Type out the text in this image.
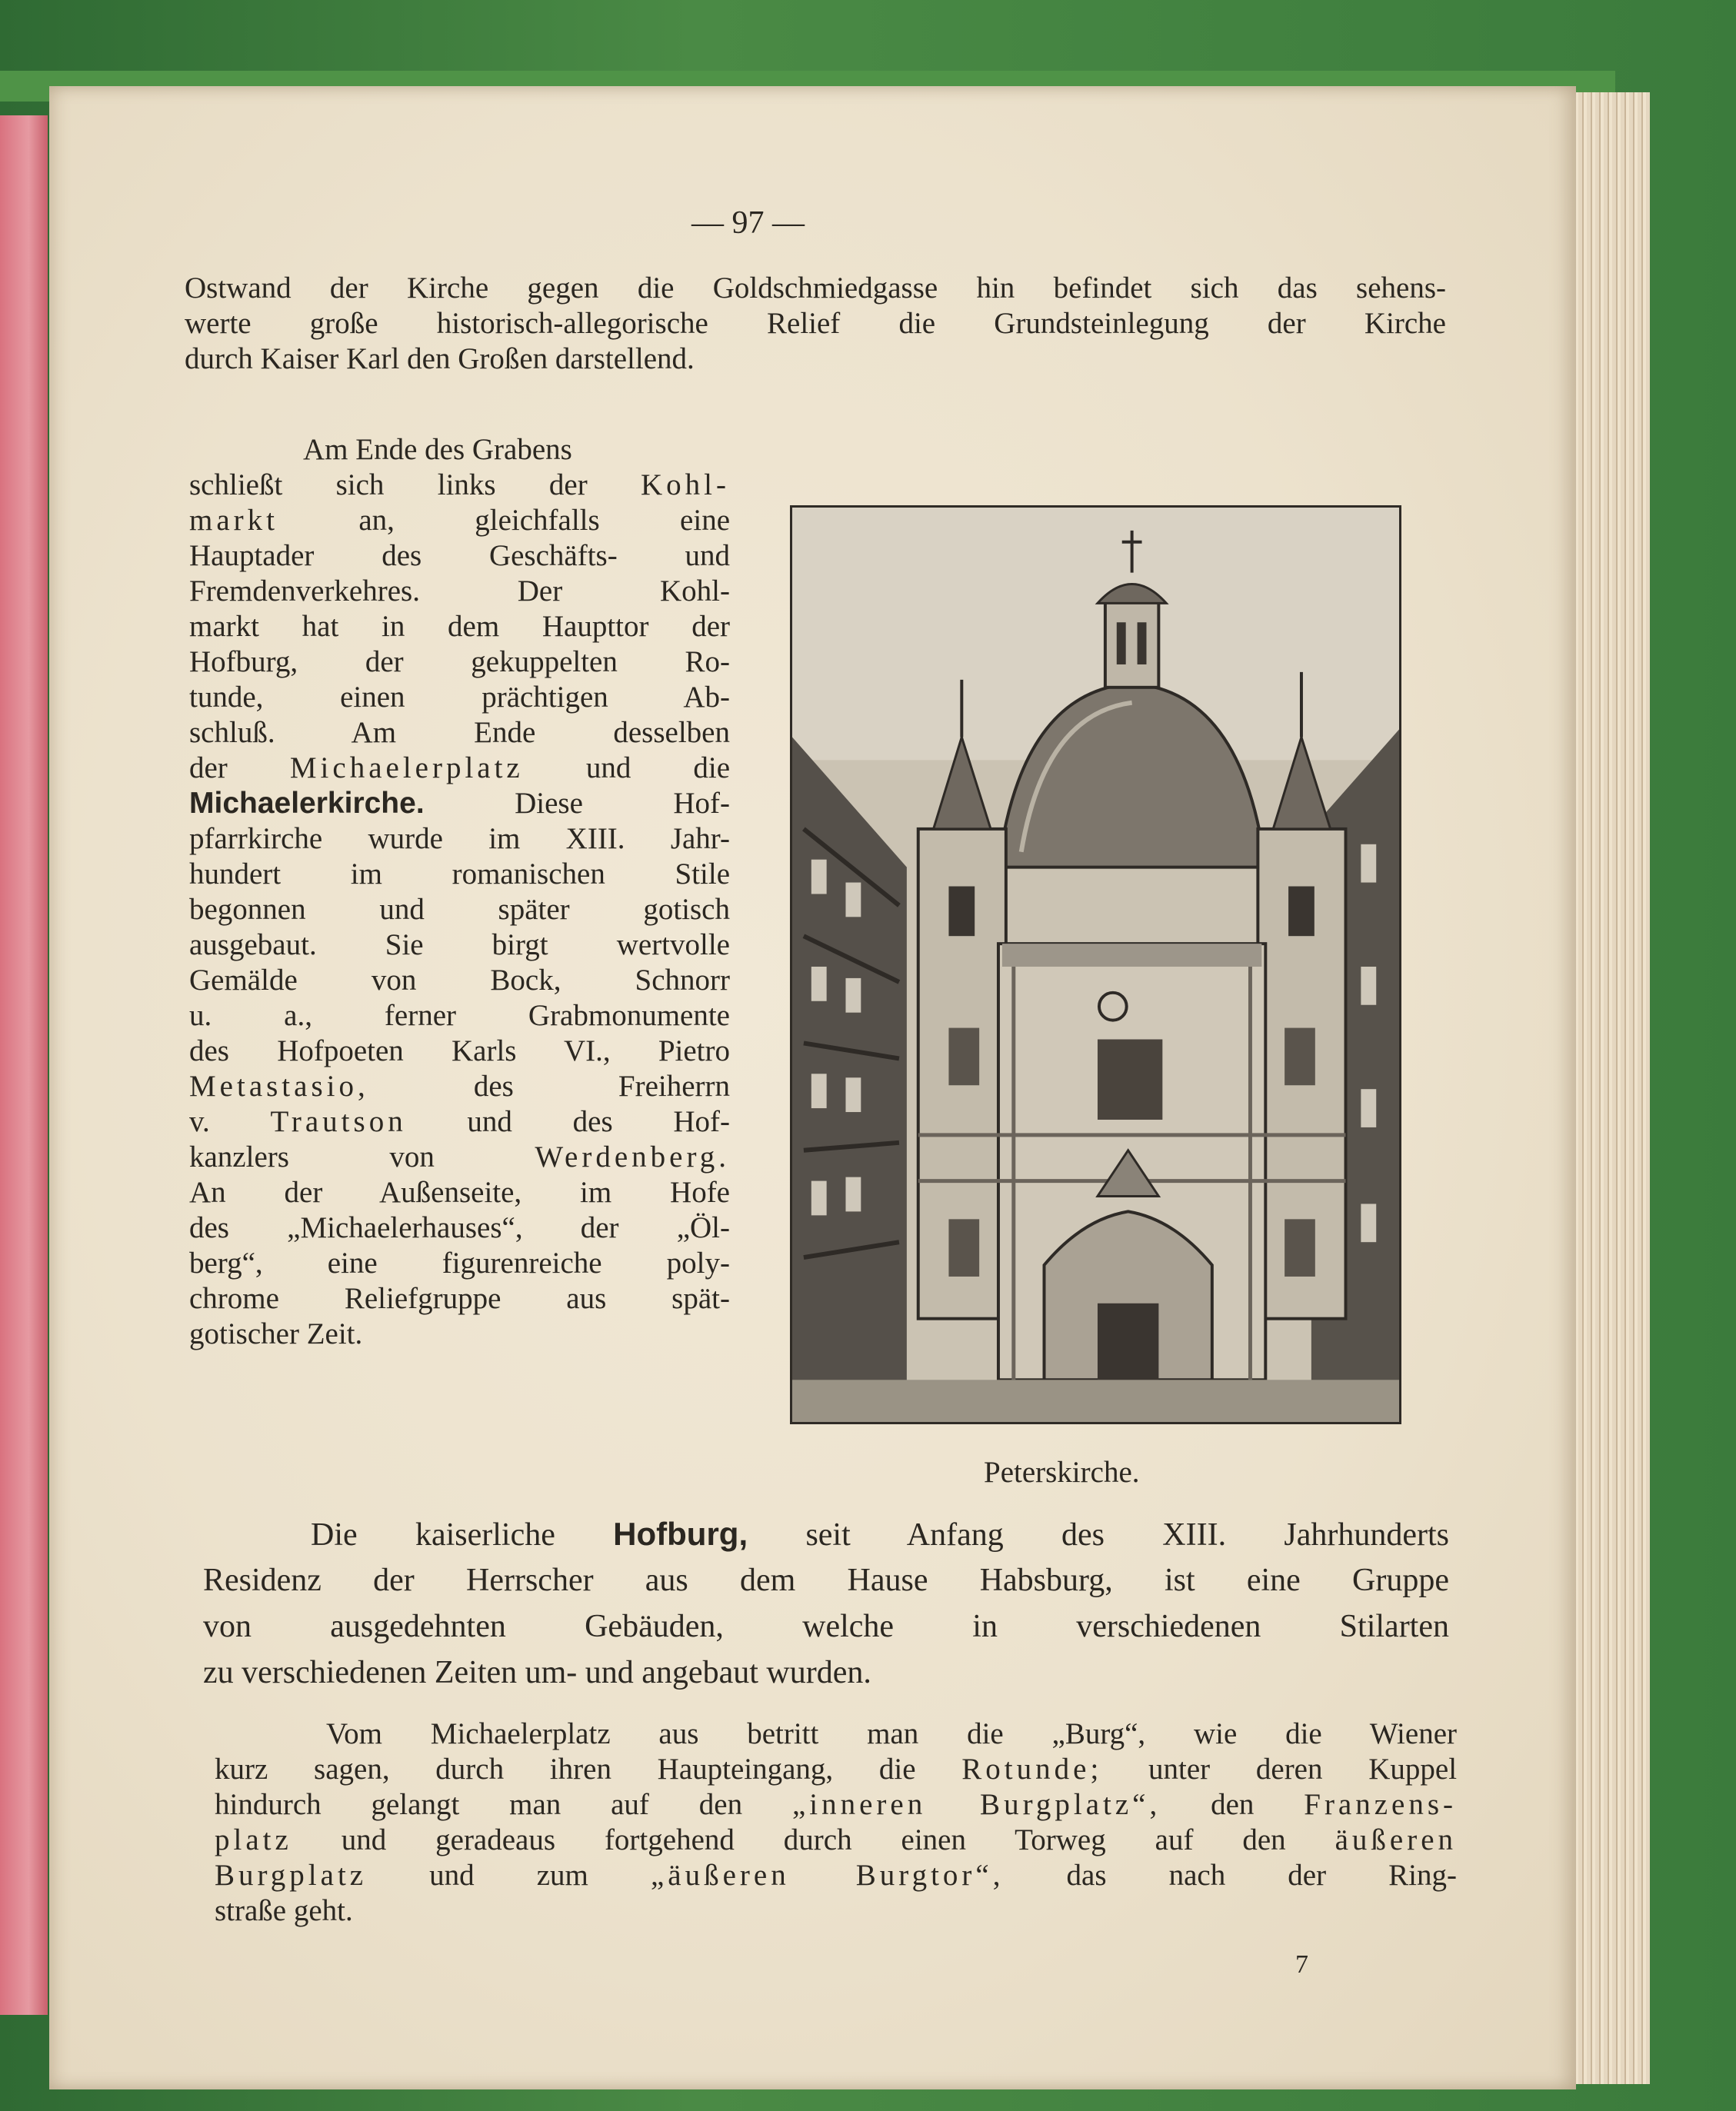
— 97 —

Ostwand der Kirche gegen die Goldschmiedgasse hin befindet sich das sehens-

werte große historisch-allegorische Relief die Grundsteinlegung der Kirche

durch Kaiser Karl den Großen darstellend.

Am Ende des Grabens

schließt sich links der Kohl-

markt	an, gleichfalls eine

Hauptader des Geschäfts- und

Fremdenverkehres. Der Kohl-

markt hat in dem Haupttor der

Hofburg, der gekuppelten Ro-

tunde, einen prächtigen Ab-

schluß. Am Ende desselben

der Michaelerplatz und die

Michaelerkirche.	Diese Hof-

pfarrkirche wurde im XIII. Jahr-

hundert im romanischen Stile

begonnen und später gotisch

ausgebaut. Sie birgt wertvolle

Gemälde von Bock, Schnorr

u. a., ferner Grabmonumente

des Hofpoeten Karls VI., Pietro

Metastasio,	des Freiherrn

v. Trautson und des Hof-

kanzlers von	Werdenberg.

An der Außenseite, im Hofe

des „Michaelerhauses“, der „Öl-

berg“, eine figurenreiche poly-

chrome Reliefgruppe aus spät-

gotischer Zeit.

Peterskirche.

Die kaiserliche Hofburg, seit Anfang des XIII. Jahrhunderts

Residenz der Herrscher aus dem Hause Habsburg, ist eine Gruppe

von ausgedehnten Gebäuden, welche in verschiedenen Stilarten

zu verschiedenen Zeiten um- und angebaut wurden.

Vom Michaelerplatz aus betritt man die „Burg“, wie die Wiener

kurz sagen, durch ihren Haupteingang, die Rotunde; unter deren Kuppel

hindurch gelangt man auf den „inneren Burgplatz“, den Franzens-

platz und geradeaus fortgehend durch einen Torweg auf den äußeren

Burgplatz und zum „äußeren Burgtor“, das nach der Ring-

straße geht.

7
